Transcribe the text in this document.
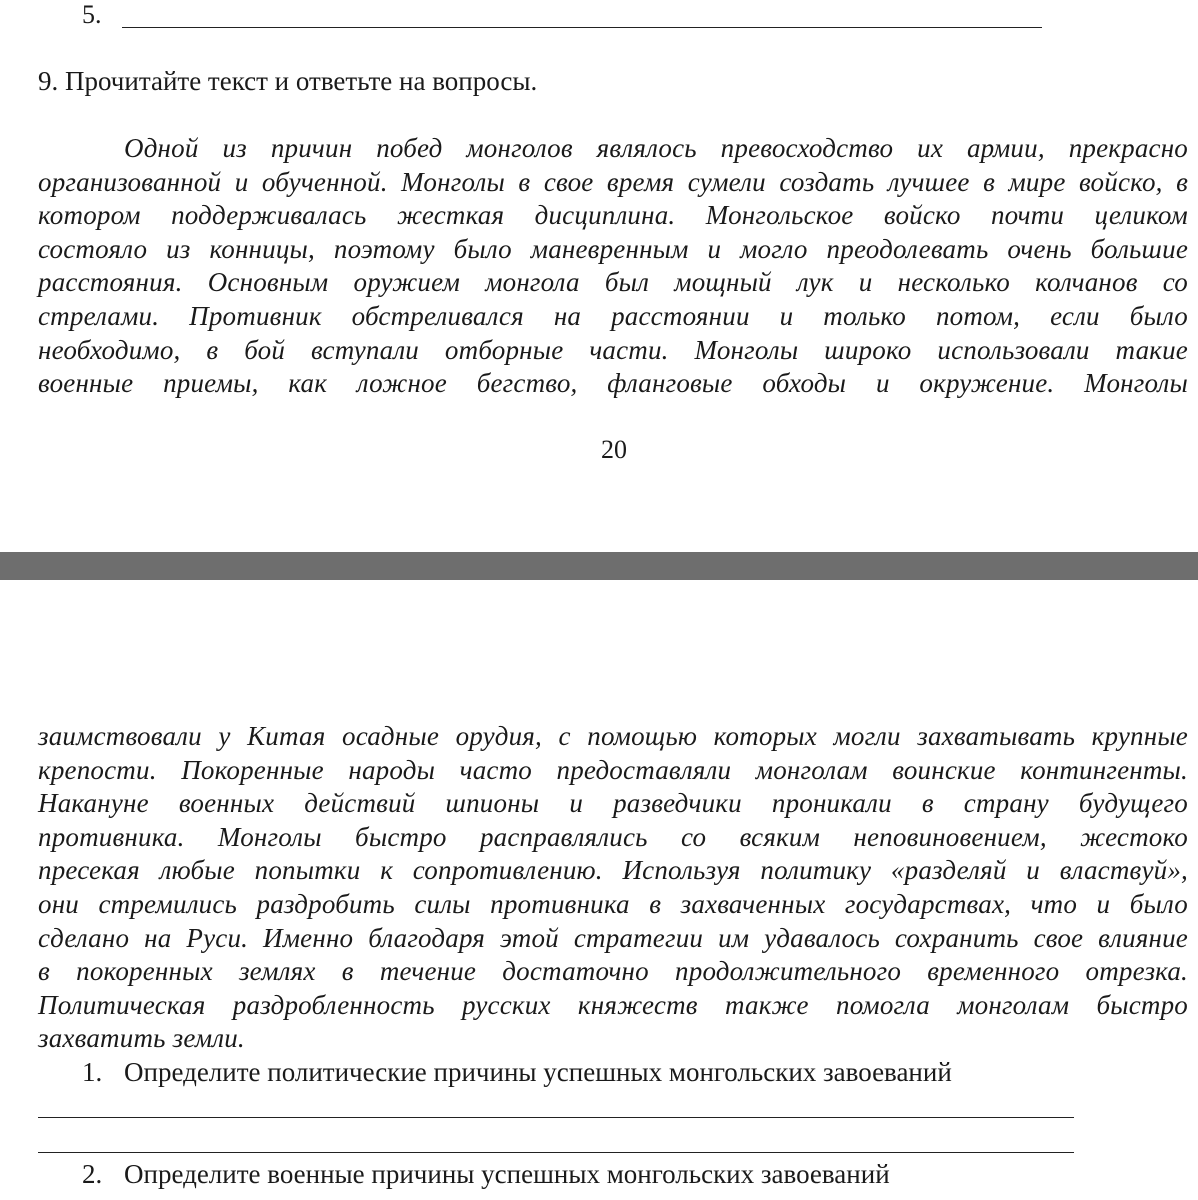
5.
9. Прочитайте текст и ответьте на вопросы.
Одной из причин побед монголов являлось превосходство их армии, прекрасно
организованной и обученной. Монголы в свое время сумели создать лучшее в мире войско, в
котором поддерживалась жесткая дисциплина. Монгольское войско почти целиком
состояло из конницы, поэтому было маневренным и могло преодолевать очень большие
расстояния. Основным оружием монгола был мощный лук и несколько колчанов со
стрелами. Противник обстреливался на расстоянии и только потом, если было
необходимо, в бой вступали отборные части. Монголы широко использовали такие
военные приемы, как ложное бегство, фланговые обходы и окружение. Монголы
20
заимствовали у Китая осадные орудия, с помощью которых могли захватывать крупные
крепости. Покоренные народы часто предоставляли монголам воинские контингенты.
Накануне военных действий шпионы и разведчики проникали в страну будущего
противника. Монголы быстро расправлялись со всяким неповиновением, жестоко
пресекая любые попытки к сопротивлению. Используя политику «разделяй и властвуй»,
они стремились раздробить силы противника в захваченных государствах, что и было
сделано на Руси. Именно благодаря этой стратегии им удавалось сохранить свое влияние
в покоренных землях в течение достаточно продолжительного временного отрезка.
Политическая раздробленность русских княжеств также помогла монголам быстро
захватить земли.
1. Определите политические причины успешных монгольских завоеваний
2. Определите военные причины успешных монгольских завоеваний
